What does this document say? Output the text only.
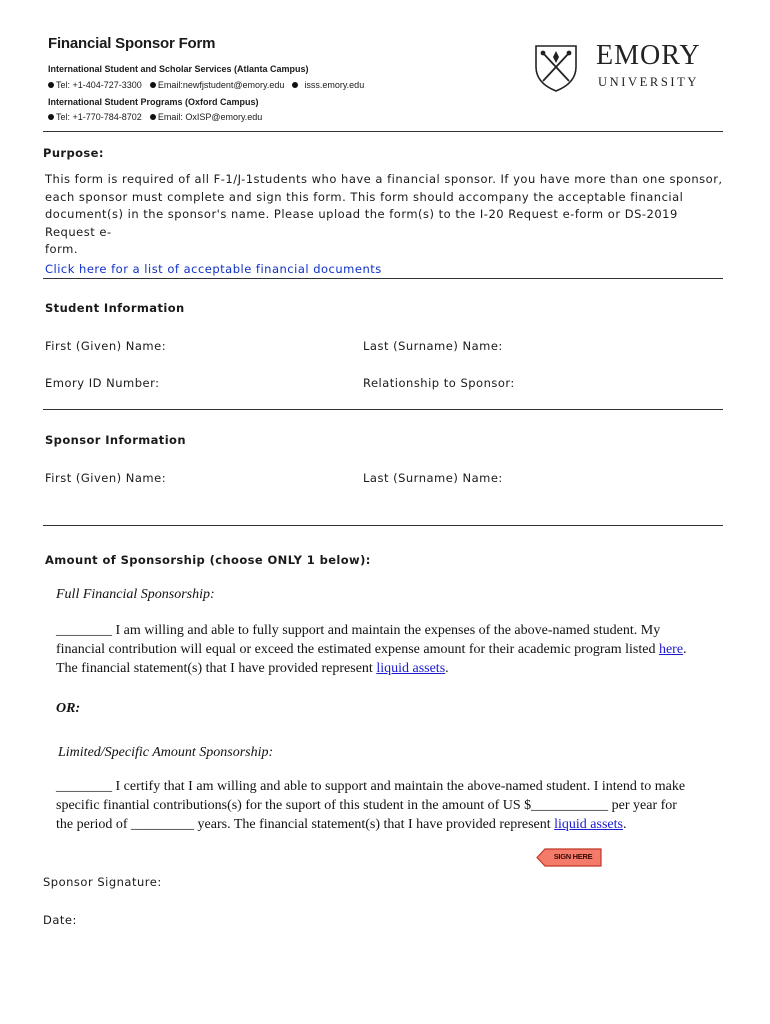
Financial Sponsor Form
International Student and Scholar Services (Atlanta Campus)
Tel: +1-404-727-3300 Email:newfjstudent@emory.edu isss.emory.edu
International Student Programs (Oxford Campus)
Tel: +1-770-784-8702 Email: OxISP@emory.edu
EMORY
UNIVERSITY
Purpose:
This form is required of all F-1/J-1students who have a financial sponsor. If you have more than one sponsor,
each sponsor must complete and sign this form. This form should accompany the acceptable financial
document(s) in the sponsor's name. Please upload the form(s) to the I-20 Request e-form or DS-2019 Request e-
form.
Click here for a list of acceptable financial documents
Student Information
First (Given) Name:	Last (Surname) Name:
Emory ID Number:	Relationship to Sponsor:
Sponsor Information
First (Given) Name:	Last (Surname) Name:
Amount of Sponsorship (choose ONLY 1 below):
Full Financial Sponsorship:
________ I am willing and able to fully support and maintain the expenses of the above-named student. My
financial contribution will equal or exceed the estimated expense amount for their academic program listed here.
The financial statement(s) that I have provided represent liquid assets.
OR:
Limited/Specific Amount Sponsorship:
________ I certify that I am willing and able to support and maintain the above-named student. I intend to make
specific finantial contributions(s) for the suport of this student in the amount of US $___________ per year for
the period of _________ years. The financial statement(s) that I have provided represent liquid assets.
SIGN HERE
Sponsor Signature:
Date:
